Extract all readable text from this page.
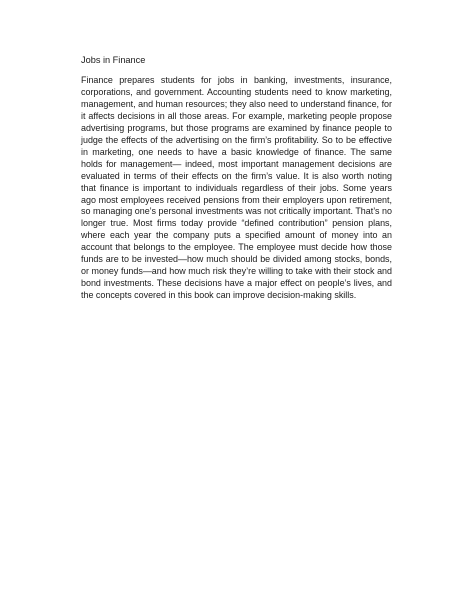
Jobs in Finance

Finance prepares students for jobs in banking, investments, insurance, corporations, and government. Accounting students need to know marketing, management, and human resources; they also need to understand finance, for it affects decisions in all those areas. For example, marketing people propose advertising programs, but those programs are examined by finance people to judge the effects of the advertising on the firm’s profitability. So to be effective in marketing, one needs to have a basic knowledge of finance. The same holds for management— indeed, most important management decisions are evaluated in terms of their effects on the firm’s value. It is also worth noting that finance is important to individuals regardless of their jobs. Some years ago most employees received pensions from their employers upon retirement, so managing one’s personal investments was not critically important. That’s no longer true. Most firms today provide “defined contribution” pension plans, where each year the company puts a specified amount of money into an account that belongs to the employee. The employee must decide how those funds are to be invested—how much should be divided among stocks, bonds, or money funds—and how much risk they’re willing to take with their stock and bond investments. These decisions have a major effect on people’s lives, and the concepts covered in this book can improve decision-making skills.
